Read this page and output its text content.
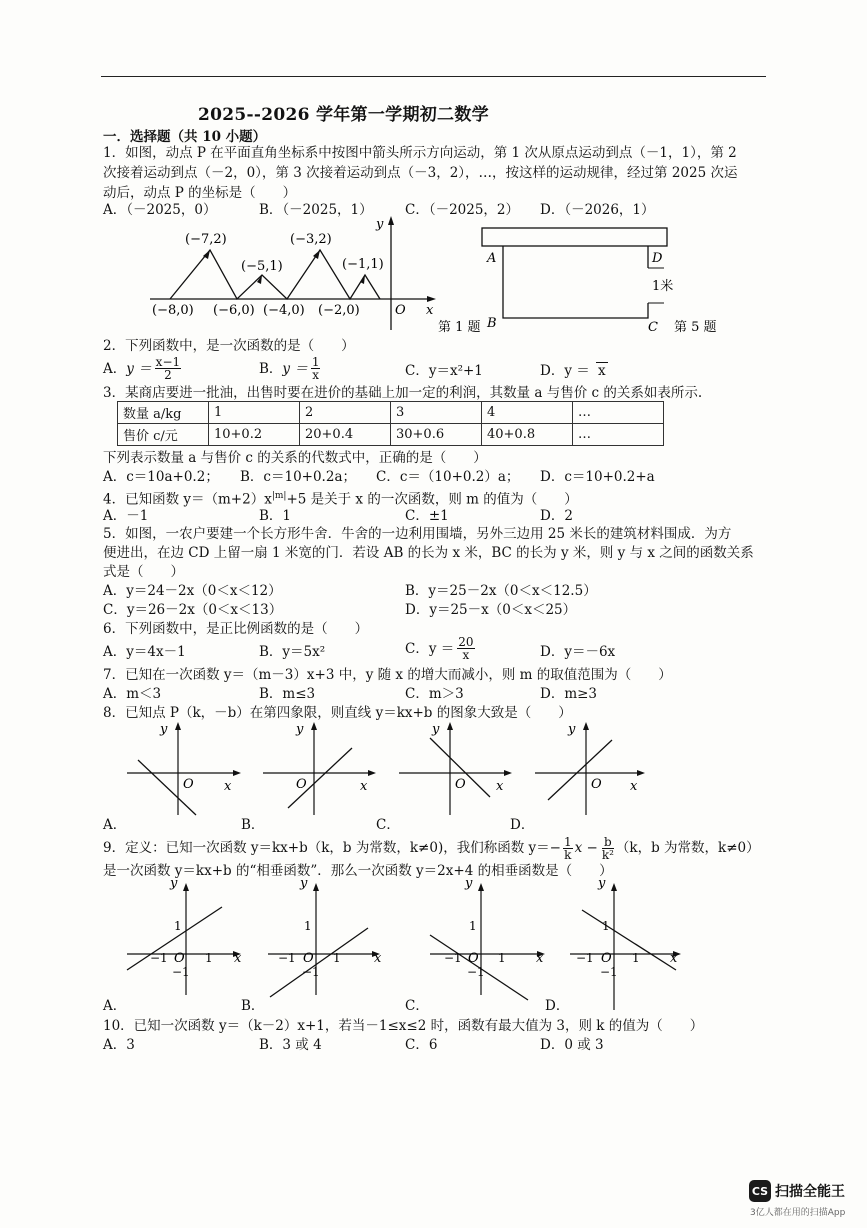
2025--2026 学年第一学期初二数学
一．选择题（共 10 小题）
1．如图，动点 P 在平面直角坐标系中按图中箭头所示方向运动，第 1 次从原点运动到点（－1，1），第 2
次接着运动到点（－2，0），第 3 次接着运动到点（－3，2），…，按这样的运动规律，经过第 2025 次运
动后，动点 P 的坐标是（　　）
A．（－2025，0）	B．（－2025，1） C．（－2025，2） D．（－2026，1）
(−7,2)	(−3,2)
(−5,1)	(−1,1)
(−8,0) (−6,0) (−4,0) (−2,0)	O x
y
第 1 题
A
B	C
D
1米
第 5 题
2．下列函数中，是一次函数的是（　　）
A． $y = \frac{x-1}{2}$	B． $y = \frac{1}{x}$	C．y＝x²+1	D．y ＝ x
3．某商店要进一批油，出售时要在进价的基础上加一定的利润，其数量 a 与售价 c 的关系如表所示.
数量 a/kg	1	2	3	4	…
售价 c/元	10+0.2	20+0.4	30+0.6	40+0.8	…
下列表示数量 a 与售价 c 的关系的代数式中，正确的是（　　）
A．c＝10a+0.2； B．c＝10+0.2a； C．c＝（10+0.2）a； D．c＝10+0.2+a
4．已知函数 $y=(m+2)x^{|m|}+5$ 是关于 x 的一次函数，则 m 的值为（　　）
A．－1	B．1	C．±1	D．2
5．如图，一农户要建一个长方形牛舍．牛舍的一边利用围墙，另外三边用 25 米长的建筑材料围成．为方
便进出，在边 CD 上留一扇 1 米宽的门．若设 AB 的长为 x 米，BC 的长为 y 米，则 y 与 x 之间的函数关系
式是（　　）
A．y＝24－2x（0＜x＜12）	B．y＝25－2x（0＜x＜12.5）
C．y＝26－2x（0＜x＜13）	D．y＝25－x（0＜x＜25）
6．下列函数中，是正比例函数的是（　　）
A．y＝4x－1	B．y＝5x²	C．$y = \frac{20}{x}$	D．y＝－6x
7．已知在一次函数 y＝（m－3）x+3 中，y 随 x 的增大而减小，则 m 的取值范围为（　　）
A．m＜3	B．m≤3	C．m＞3	D．m≥3
8．已知点 P（k，－b）在第四象限，则直线 y＝kx+b 的图象大致是（　　）
O x
y
O	x
y
O x
y
O x
y
A．	B．	C．	D．
9．定义：已知一次函数 y＝kx+b（k，b 为常数，k≠0)，我们称函数 $y=- \frac{1}{k}$ $x - \frac{b}{\text{k²}} (k$，b 为常数，k≠0）
是一次函数 y＝kx+b 的“相垂函数”．那么一次函数 y＝2x+4 的相垂函数是（　　）
y
1
−1 O 1
−1
x
y
1
−1 O 1
−1
x
y
1
−1 O 1
−1
x
y
1
−1 O 1
−1
x
A．	B．	C．	D．
10．已知一次函数 y＝（k－2）x+1，若当－1≤x≤2 时，函数有最大值为 3，则 k 的值为（　　）
A．3	B．3 或 4	C．6	D．0 或 3
CS 扫描全能王
3亿人都在用的扫描App
